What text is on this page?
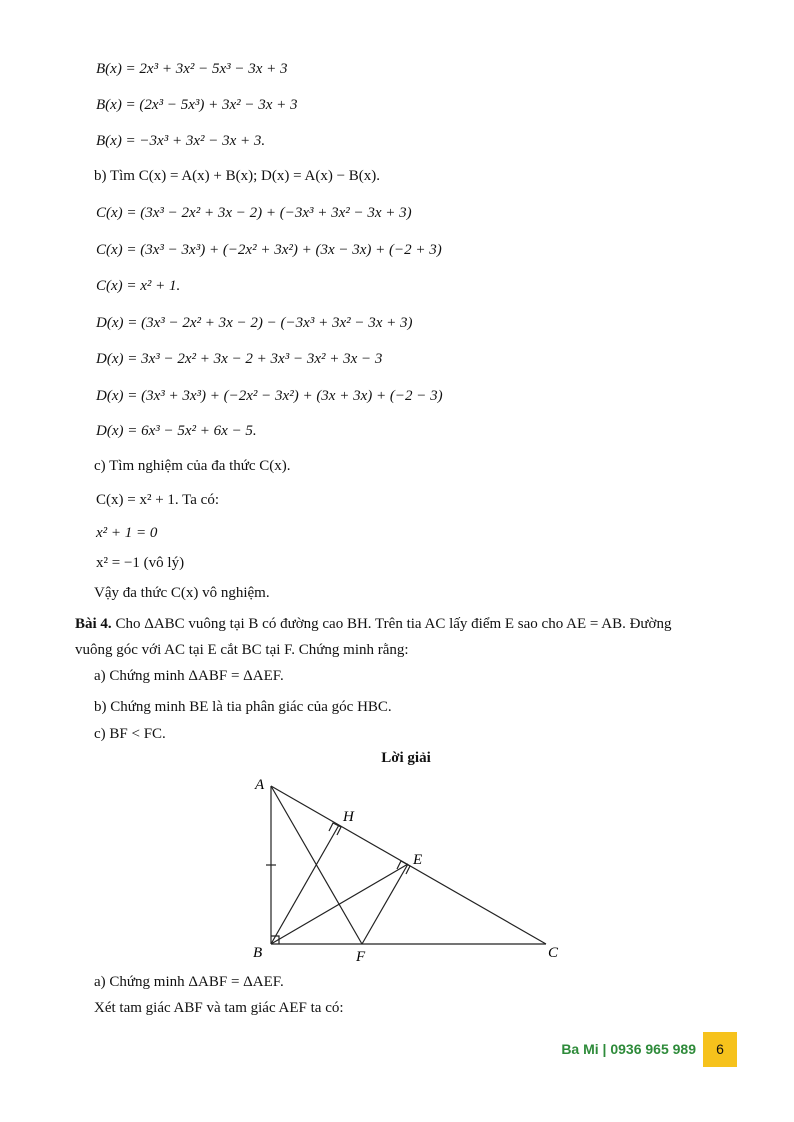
B(x) = 2x³ + 3x² − 5x³ − 3x + 3
B(x) = (2x³ − 5x³) + 3x² − 3x + 3
B(x) = −3x³ + 3x² − 3x + 3.
b) Tìm C(x) = A(x) + B(x); D(x) = A(x) − B(x).
C(x) = (3x³ − 2x² + 3x − 2) + (−3x³ + 3x² − 3x + 3)
C(x) = (3x³ − 3x³) + (−2x² + 3x²) + (3x − 3x) + (−2 + 3)
C(x) = x² + 1.
D(x) = (3x³ − 2x² + 3x − 2) − (−3x³ + 3x² − 3x + 3)
D(x) = 3x³ − 2x² + 3x − 2 + 3x³ − 3x² + 3x − 3
D(x) = (3x³ + 3x³) + (−2x² − 3x²) + (3x + 3x) + (−2 − 3)
D(x) = 6x³ − 5x² + 6x − 5.
c) Tìm nghiệm của đa thức C(x).
C(x) = x² + 1. Ta có:
x² + 1 = 0
x² = −1 (vô lý)
Vậy đa thức C(x) vô nghiệm.
Bài 4. Cho ΔABC vuông tại B có đường cao BH. Trên tia AC lấy điểm E sao cho AE = AB. Đường
vuông góc với AC tại E cắt BC tại F. Chứng minh rằng:
a) Chứng minh ΔABF = ΔAEF.
b) Chứng minh BE là tia phân giác của góc HBC.
c) BF < FC.
Lời giải
A
B	C
H
E
F
a) Chứng minh ΔABF = ΔAEF.
Xét tam giác ABF và tam giác AEF ta có:
Ba Mi | 0936 965 989	6
